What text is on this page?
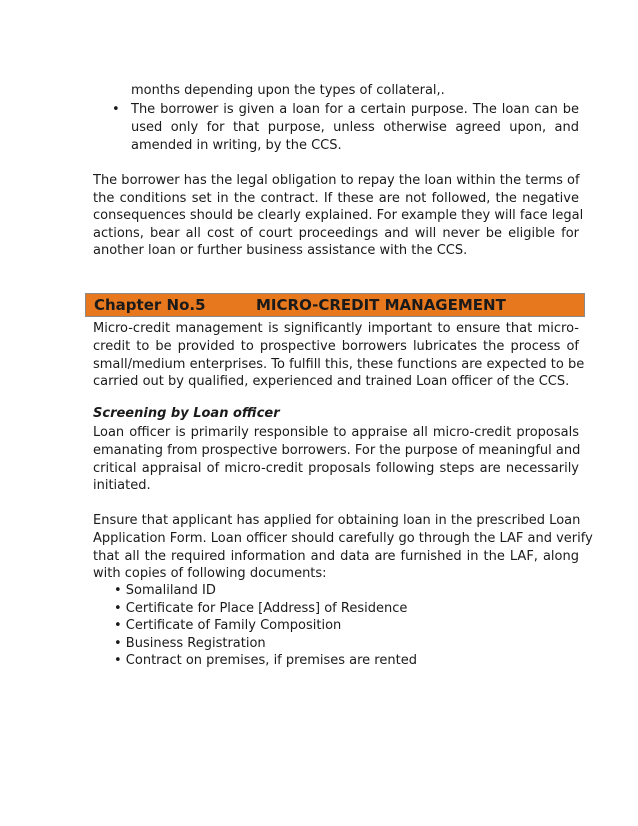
months depending upon the types of collateral,.
• The borrower is given a loan for a certain purpose. The loan can be
used only for that purpose, unless otherwise agreed upon, and
amended in writing, by the CCS.
The borrower has the legal obligation to repay the loan within the terms of
the conditions set in the contract. If these are not followed, the negative
consequences should be clearly explained. For example they will face legal
actions, bear all cost of court proceedings and will never be eligible for
another loan or further business assistance with the CCS.
Chapter No.5	MICRO-CREDIT MANAGEMENT
Micro-credit management is significantly important to ensure that micro-
credit to be provided to prospective borrowers lubricates the process of
small/medium enterprises. To fulfill this, these functions are expected to be
carried out by qualified, experienced and trained Loan officer of the CCS.
Screening by Loan officer
Loan officer is primarily responsible to appraise all micro-credit proposals
emanating from prospective borrowers. For the purpose of meaningful and
critical appraisal of micro-credit proposals following steps are necessarily
initiated.
Ensure that applicant has applied for obtaining loan in the prescribed Loan
Application Form. Loan officer should carefully go through the LAF and verify
that all the required information and data are furnished in the LAF, along
with copies of following documents:
• Somaliland ID
• Certificate for Place [Address] of Residence
• Certificate of Family Composition
• Business Registration
• Contract on premises, if premises are rented
